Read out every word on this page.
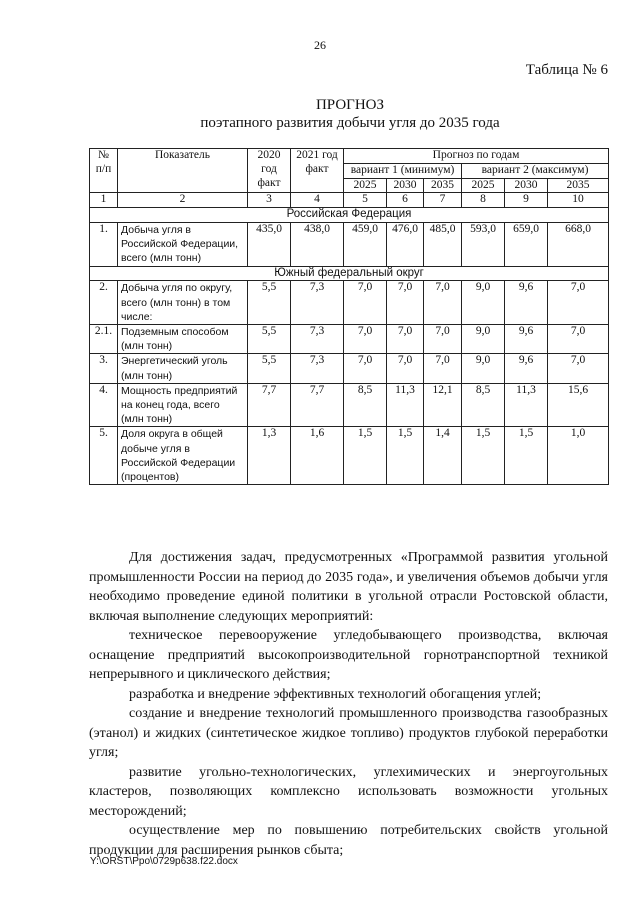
26
Таблица № 6
ПРОГНОЗ
поэтапного развития добычи угля до 2035 года
№ п/п	Показатель	2020 год факт	2021 год факт	Прогноз по годам					
				вариант 1 (минимум)			вариант 2 (максимум)		
				2025	2030	2035	2025	2030	2035
1	2	3	4	5	6	7	8	9	10
Российская Федерация									
1.	Добыча угля в Российской Федерации, всего (млн тонн)	435,0	438,0	459,0	476,0	485,0	593,0	659,0	668,0
Южный федеральный округ									
2.	Добыча угля по округу, всего (млн тонн) в том числе:	5,5	7,3	7,0	7,0	7,0	9,0	9,6	7,0
2.1.	Подземным способом (млн тонн)	5,5	7,3	7,0	7,0	7,0	9,0	9,6	7,0
3.	Энергетический уголь (млн тонн)	5,5	7,3	7,0	7,0	7,0	9,0	9,6	7,0
4.	Мощность предприятий на конец года, всего (млн тонн)	7,7	7,7	8,5	11,3	12,1	8,5	11,3	15,6
5.	Доля округа в общей добыче угля в Российской Федерации (процентов)	1,3	1,6	1,5	1,5	1,4	1,5	1,5	1,0

Для достижения задач, предусмотренных «Программой развития угольной промышленности России на период до 2035 года», и увеличения объемов добычи угля необходимо проведение единой политики в угольной отрасли Ростовской области, включая выполнение следующих мероприятий:

техническое перевооружение угледобывающего производства, включая оснащение предприятий высокопроизводительной горнотранспортной техникой непрерывного и циклического действия;

разработка и внедрение эффективных технологий обогащения углей;

создание и внедрение технологий промышленного производства газообразных (этанол) и жидких (синтетическое жидкое топливо) продуктов глубокой переработки угля;

развитие угольно-технологических, углехимических и энергоугольных кластеров, позволяющих комплексно использовать возможности угольных месторождений;

осуществление мер по повышению потребительских свойств угольной продукции для расширения рынков сбыта;

Y:\ORST\Ppo\0729p638.f22.docx
